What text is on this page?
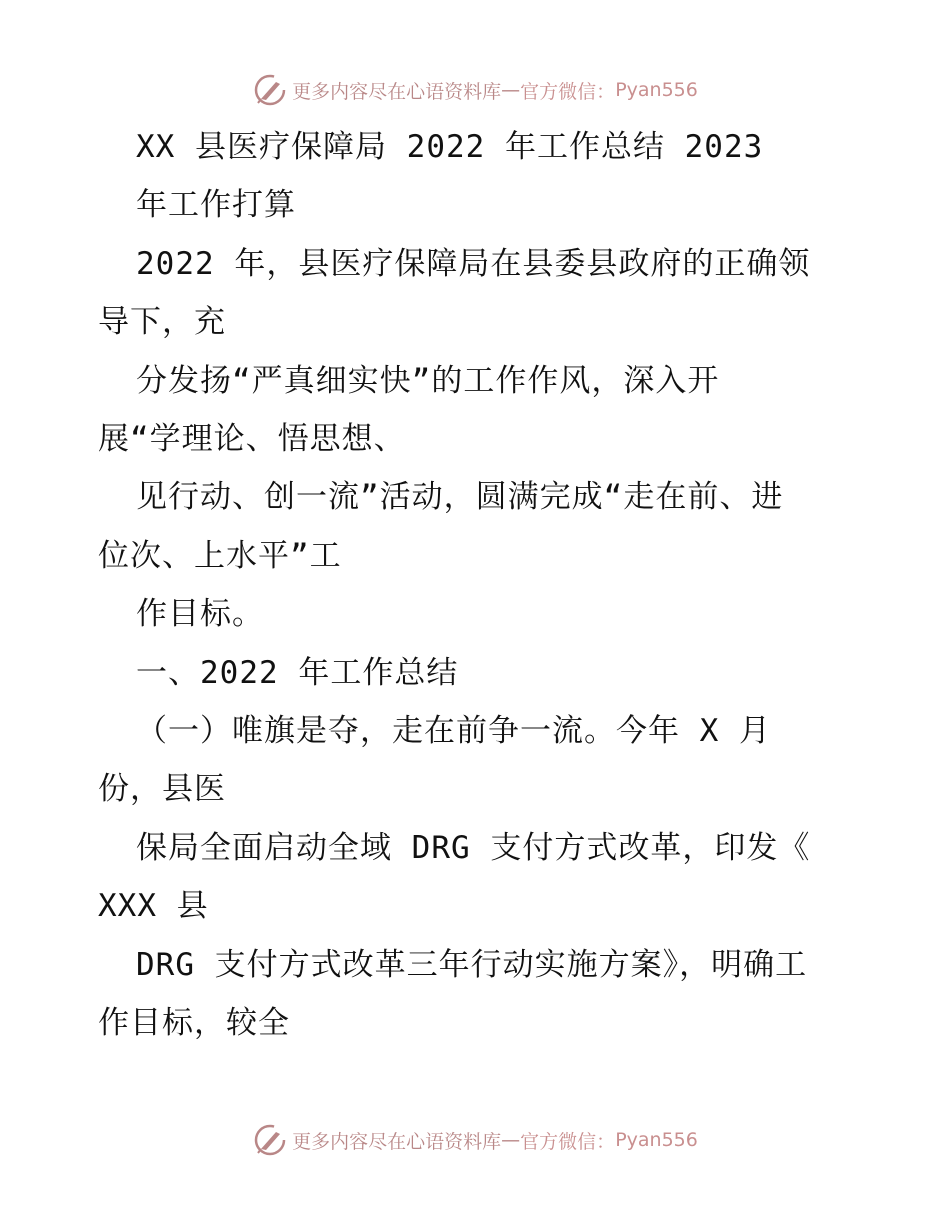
更多内容尽在心语资料库 — 官方微信： Pyan556
XX 县医疗保障局 2022 年工作总结 2023
年工作打算
2022 年，县医疗保障局在县委县政府的正确领
导下，充
分发扬“严真细实快”的工作作风，深入开
展“学理论、悟思想、
见行动、创一流”活动，圆满完成“走在前、进
位次、上水平”工
作目标。
一、2022 年工作总结
（一）唯旗是夺，走在前争一流。今年 X 月
份，县医
保局全面启动全域 DRG 支付方式改革，印发《
XXX 县
DRG 支付方式改革三年行动实施方案》，明确工
作目标，较全
更多内容尽在心语资料库 — 官方微信： Pyan556
